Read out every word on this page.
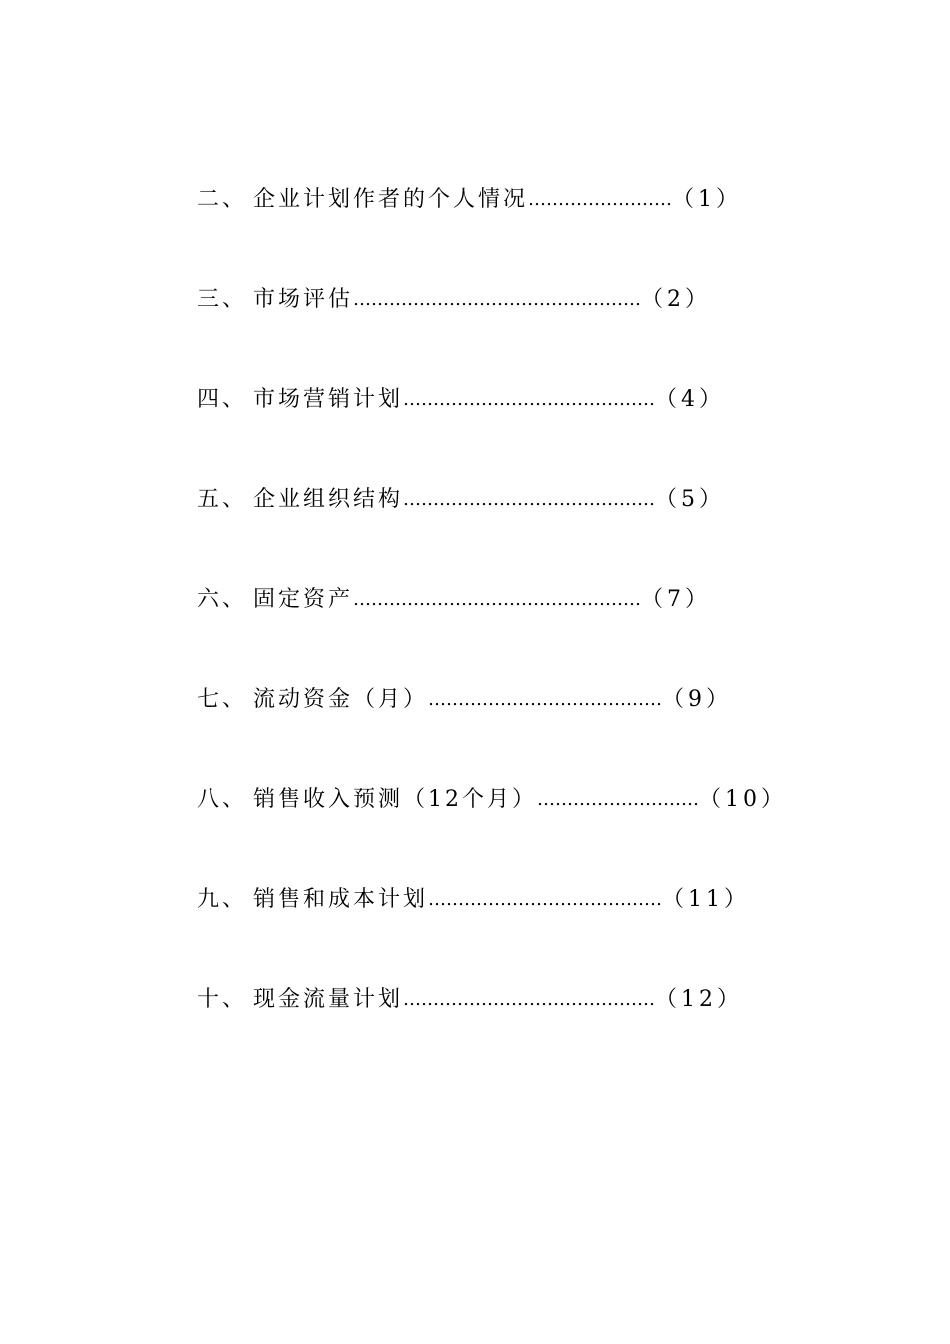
二、 企业计划作者的个人情况 …………………… （1）
三、 市场评估 ………………………………………… （2）
四、 市场营销计划 …………………………………… （4）
五、 企业组织结构 …………………………………… （5）
六、 固定资产 ………………………………………… （7）
七、 流动资金（月） ………………………………… （9）
八、 销售收入预测（12个月） ……………………… （10）
九、 销售和成本计划 ………………………………… （11）
十、 现金流量计划 …………………………………… （12）
